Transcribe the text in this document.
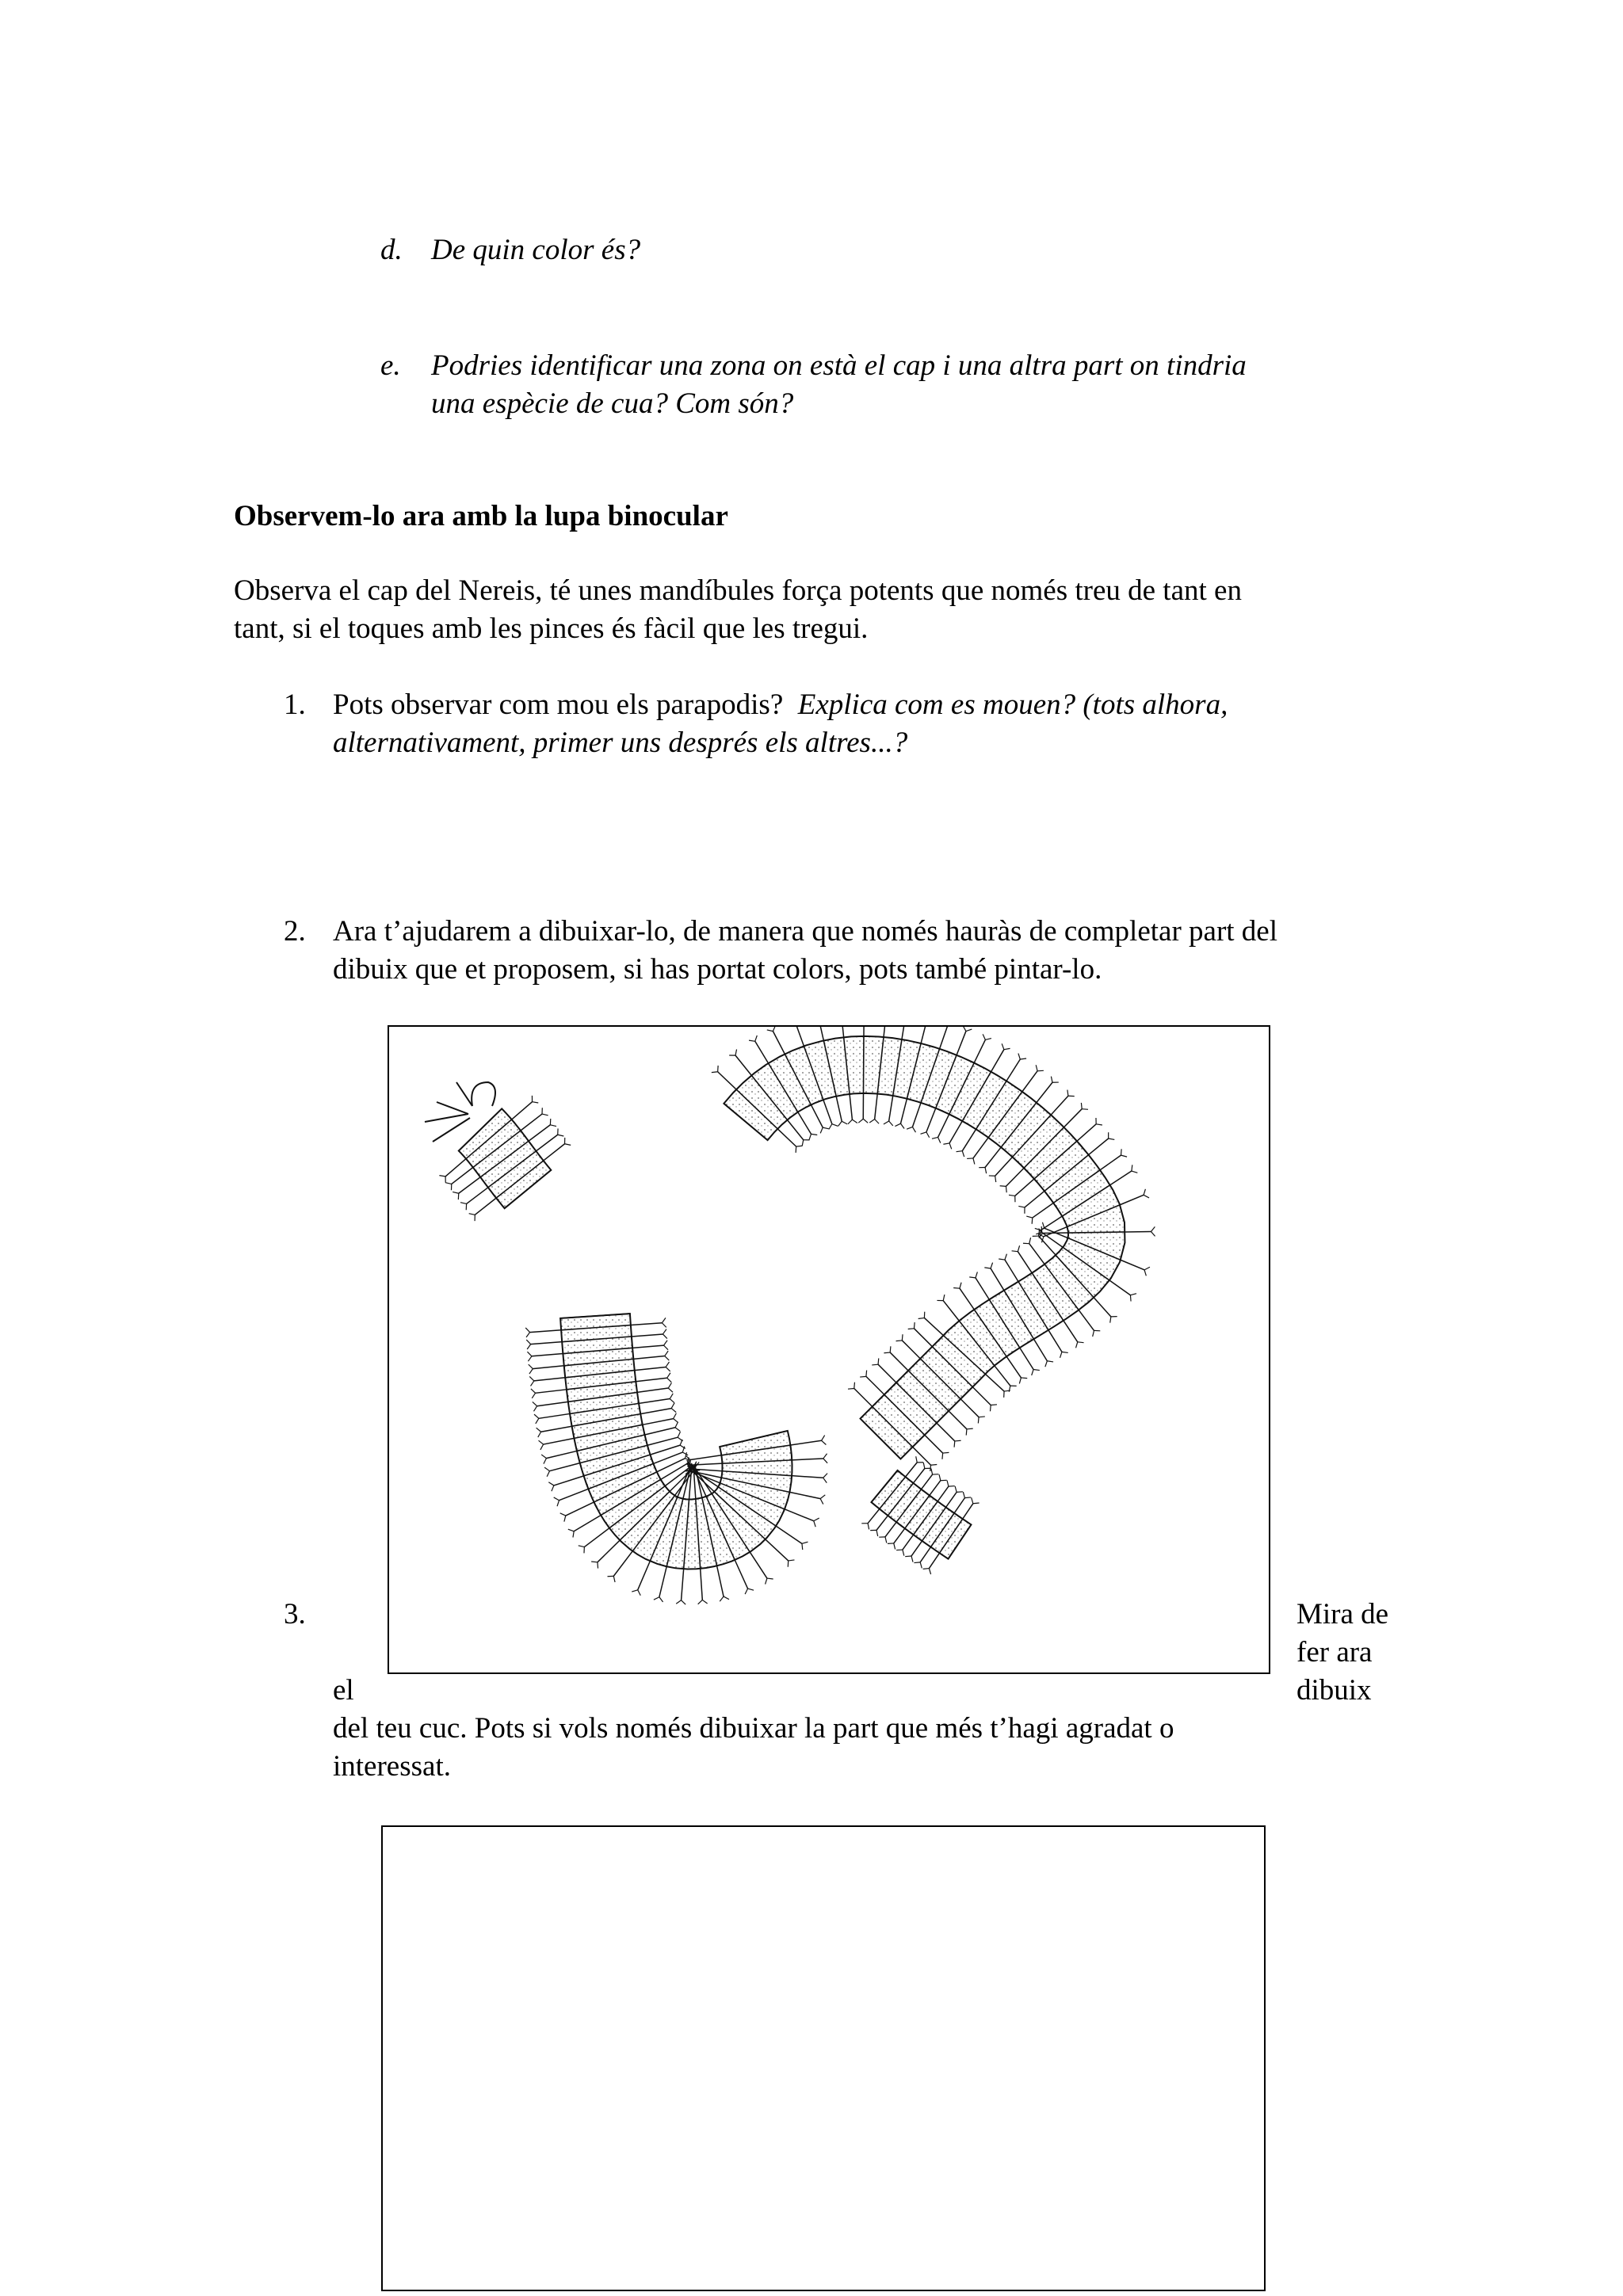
d. De quin color és?
e. Podries identificar una zona on està el cap i una altra part on tindria
una espècie de cua? Com són?
Observem-lo ara amb la lupa binocular
Observa el cap del Nereis, té unes mandíbules força potents que només treu de tant en
tant, si el toques amb les pinces és fàcil que les tregui.
1. Pots observar com mou els parapodis? Explica com es mouen? (tots alhora,
alternativament, primer uns després els altres...?
2. Ara t’ajudarem a dibuixar-lo, de manera que només hauràs de completar part del
dibuix que et proposem, si has portat colors, pots també pintar-lo.
3.	Mira de
fer ara
el	dibuix
del teu cuc. Pots si vols només dibuixar la part que més t’hagi agradat o
interessat.
